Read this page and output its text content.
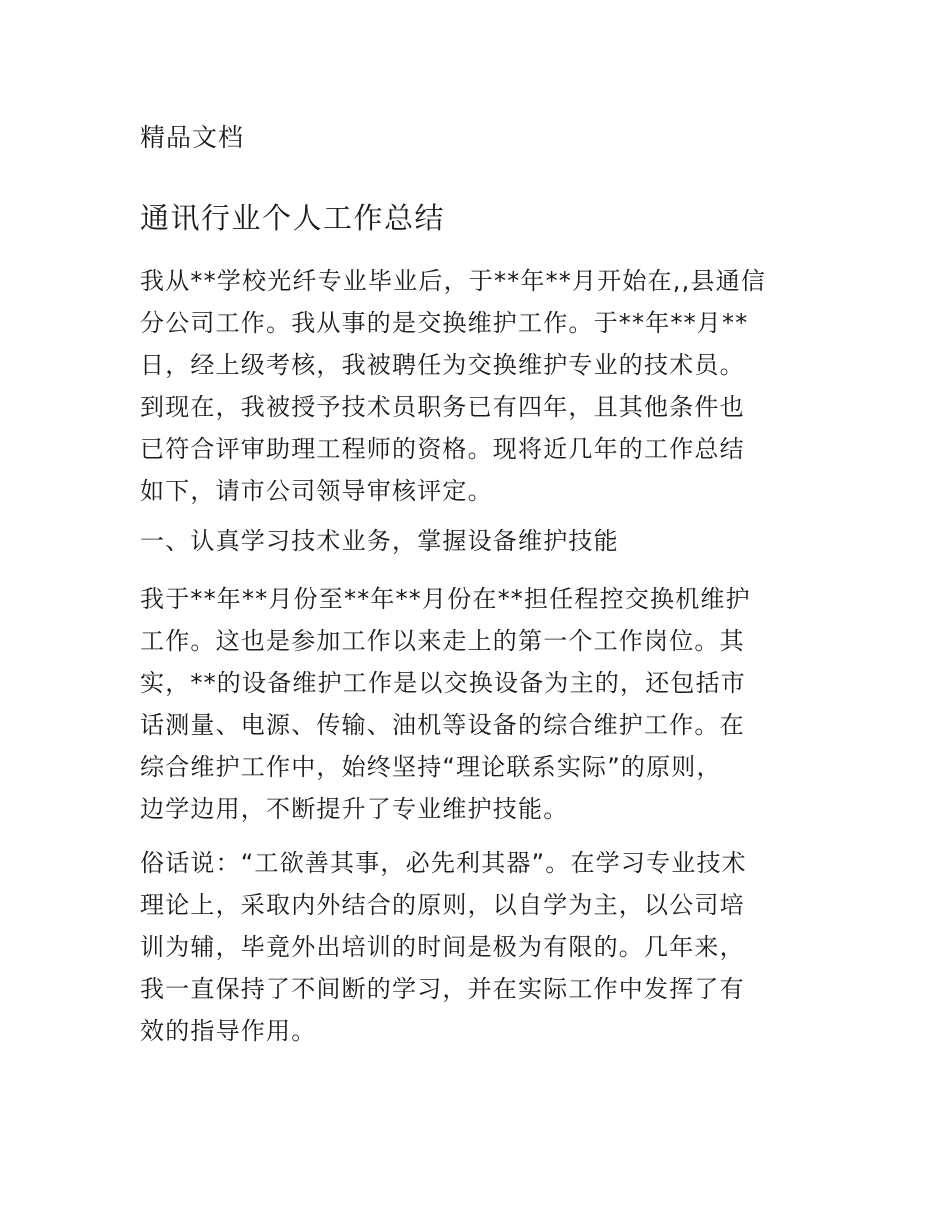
精品文档
通讯行业个人工作总结
我从**学校光纤专业毕业后，于**年**月开始在,,县通信
分公司工作。我从事的是交换维护工作。于**年**月**
日，经上级考核，我被聘任为交换维护专业的技术员。
到现在，我被授予技术员职务已有四年，且其他条件也
已符合评审助理工程师的资格。现将近几年的工作总结
如下，请市公司领导审核评定。
一、认真学习技术业务，掌握设备维护技能
我于**年**月份至**年**月份在**担任程控交换机维护
工作。这也是参加工作以来走上的第一个工作岗位。其
实，**的设备维护工作是以交换设备为主的，还包括市
话测量、电源、传输、油机等设备的综合维护工作。在
综合维护工作中，始终坚持“理论联系实际”的原则，
边学边用，不断提升了专业维护技能。
俗话说：“工欲善其事，必先利其器”。在学习专业技术
理论上，采取内外结合的原则，以自学为主，以公司培
训为辅，毕竟外出培训的时间是极为有限的。几年来，
我一直保持了不间断的学习，并在实际工作中发挥了有
效的指导作用。
